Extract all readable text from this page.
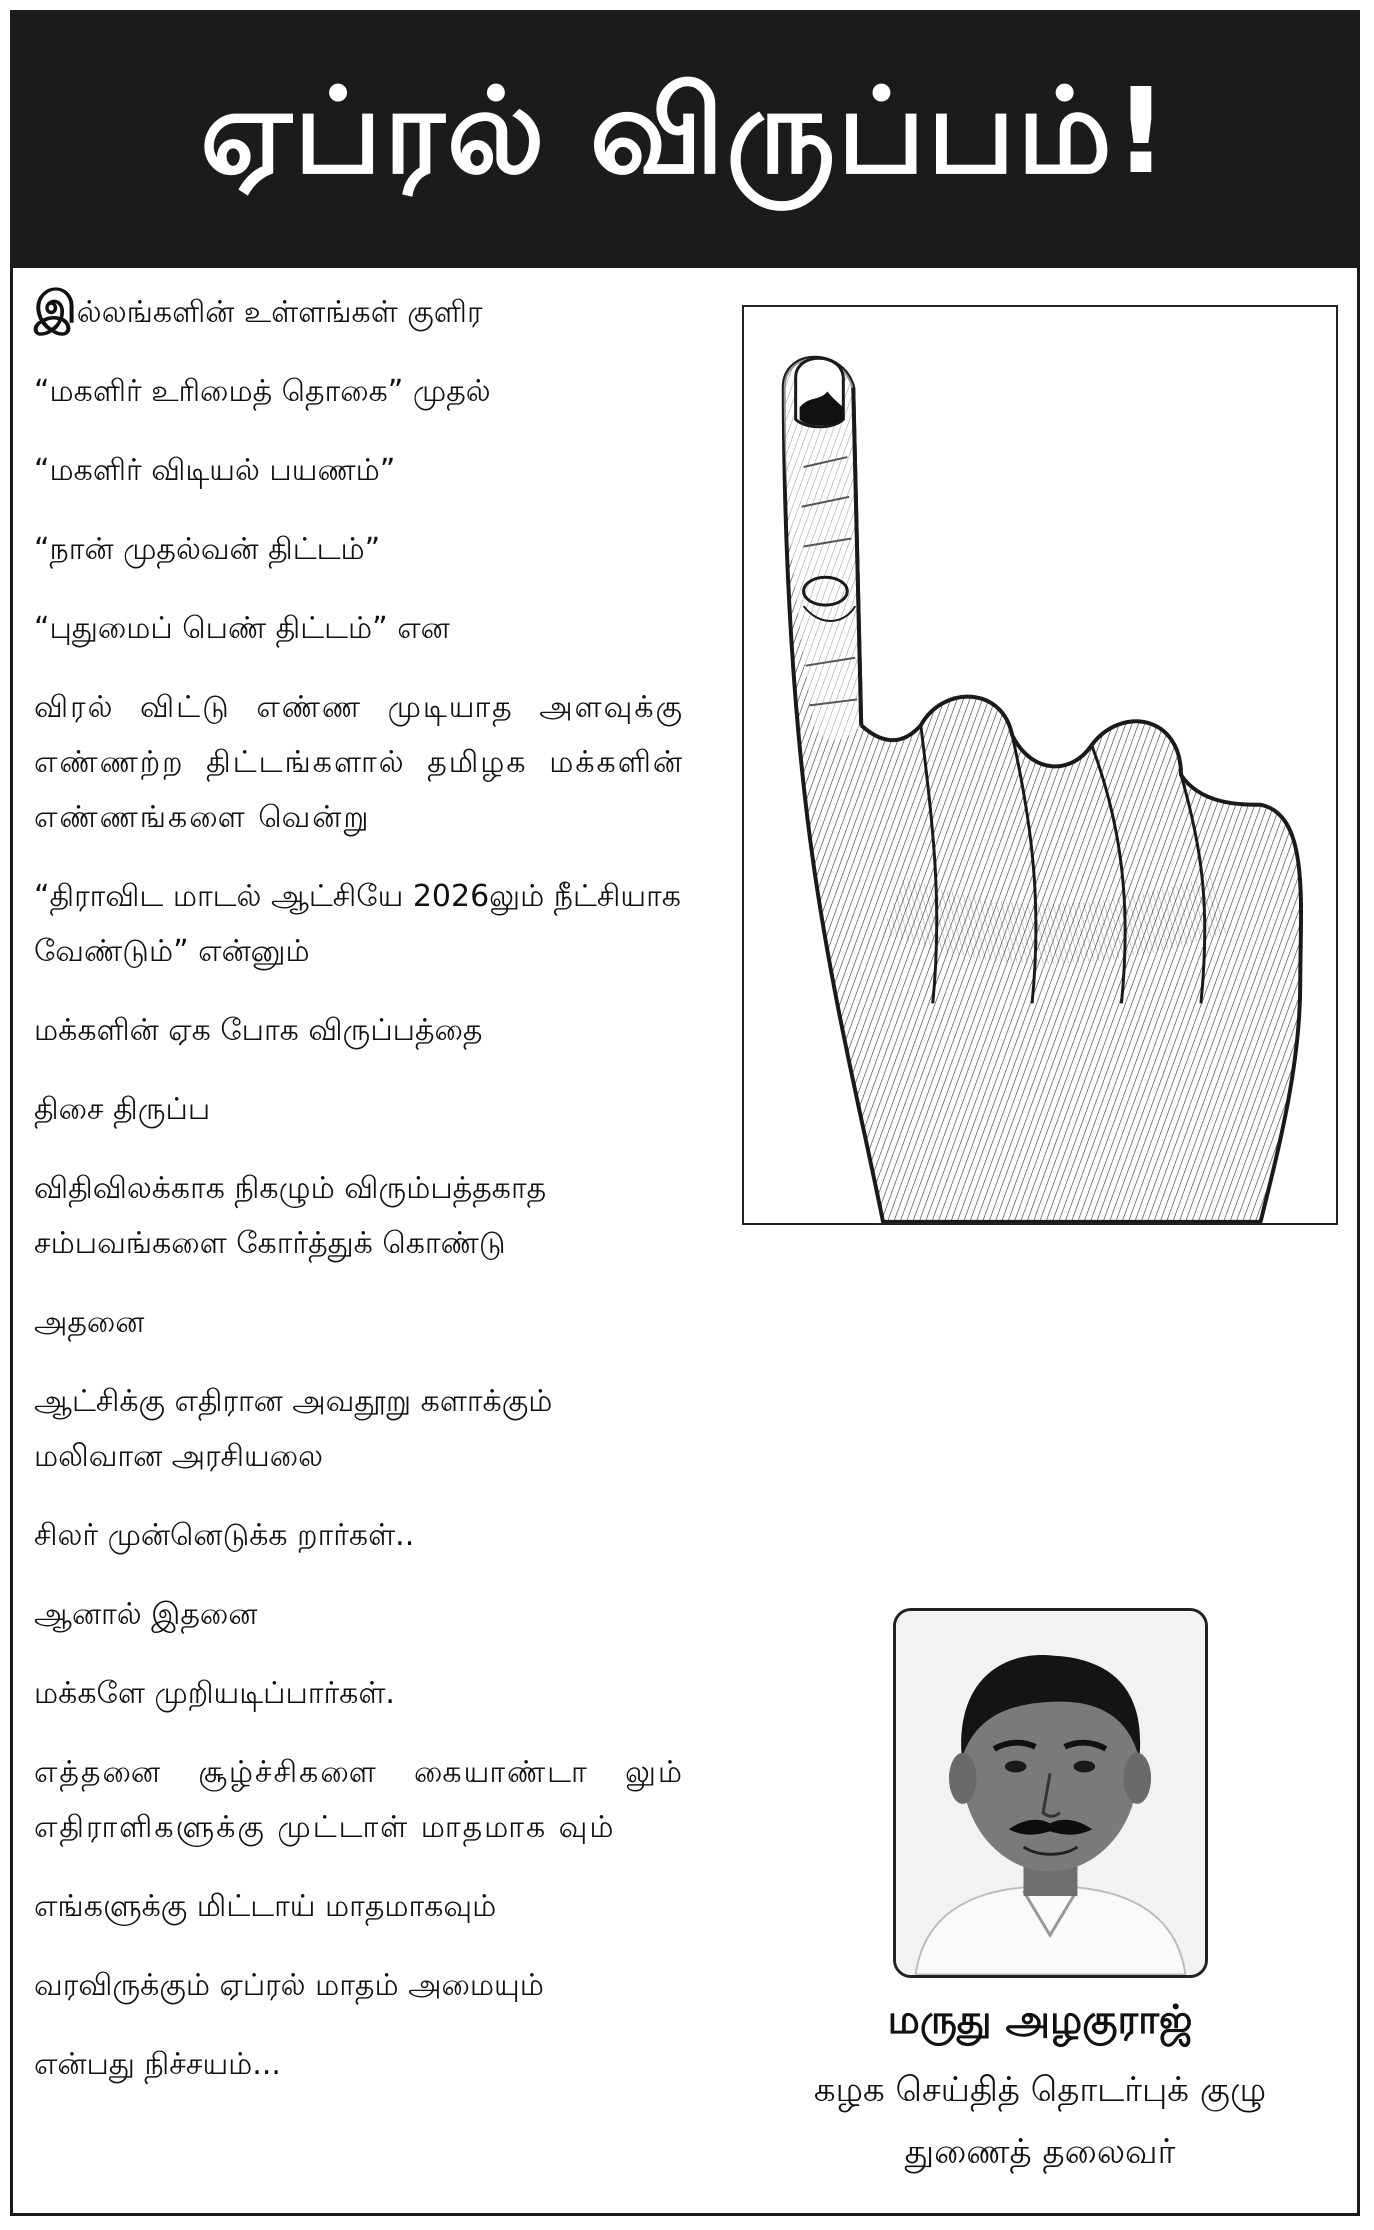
ஏப்ரல் விருப்பம்!

இல்லங்களின் உள்ளங்கள் குளிர

“மகளிர் உரிமைத் தொகை” முதல்

“மகளிர் விடியல் பயணம்”

“நான் முதல்வன் திட்டம்”

“புதுமைப் பெண் திட்டம்” என

விரல் விட்டு எண்ண முடியாத அளவுக்கு எண்ணற்ற திட்டங்களால் தமிழக மக்களின் எண்ணங்களை வென்று

“திராவிட மாடல் ஆட்சியே 2026லும் நீட்சியாக வேண்டும்” என்னும்

மக்களின் ஏக போக விருப்பத்தை

திசை திருப்ப

விதிவிலக்காக நிகழும் விரும்பத்தகாத சம்பவங்களை கோர்த்துக் கொண்டு

அதனை

ஆட்சிக்கு எதிரான அவதூறு களாக்கும் மலிவான அரசியலை

சிலர் முன்னெடுக்க றார்கள்..

ஆனால் இதனை

மக்களே முறியடிப்பார்கள்.

எத்தனை சூழ்ச்சிகளை கையாண்டா லும் எதிராளிகளுக்கு முட்டாள் மாதமாக வும்

எங்களுக்கு மிட்டாய் மாதமாகவும்

வரவிருக்கும் ஏப்ரல் மாதம் அமையும்

என்பது நிச்சயம்...

மருது அழகுராஜ்
கழக செய்தித் தொடர்புக் குழு
துணைத் தலைவர்
